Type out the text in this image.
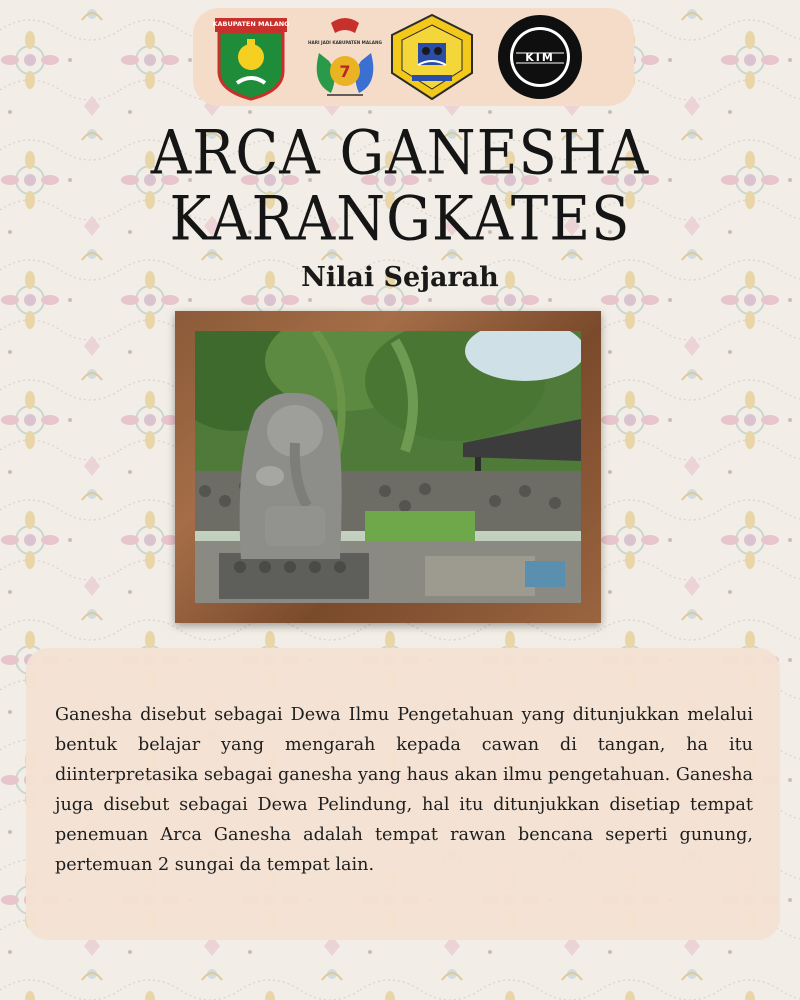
KABUPATEN MALANG
7
HARI JADI KABUPATEN MALANG
KIM
ARCA GANESHA
KARANGKATES
Nilai Sejarah

Ganesha disebut sebagai Dewa Ilmu Pengetahuan yang ditunjukkan melalui bentuk belajar yang mengarah kepada cawan di tangan, ha itu diinterpretasika sebagai ganesha yang haus akan ilmu pengetahuan. Ganesha juga disebut sebagai Dewa Pelindung, hal itu ditunjukkan disetiap tempat penemuan Arca Ganesha adalah tempat rawan bencana seperti gunung, pertemuan 2 sungai da tempat lain.
